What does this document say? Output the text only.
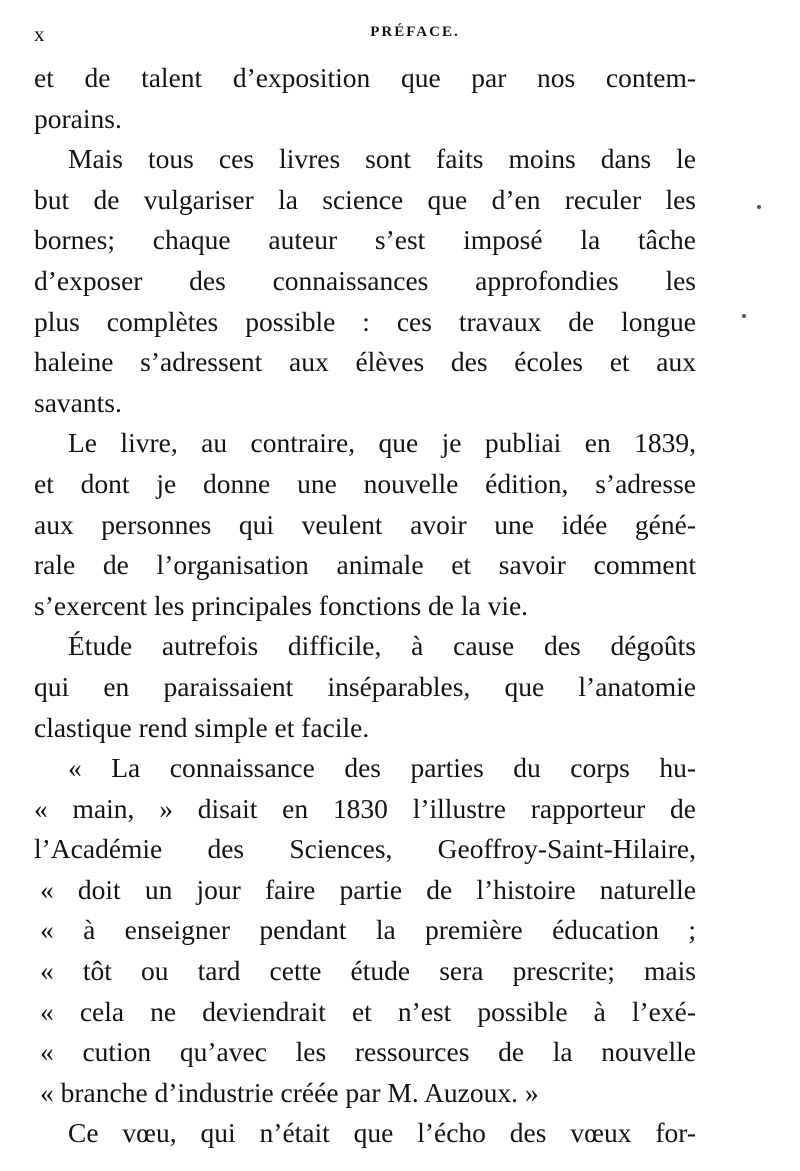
x	PRÉFACE.
et de talent d’exposition que par nos contem-
porains.
Mais tous ces livres sont faits moins dans le
but de vulgariser la science que d’en reculer les
bornes; chaque auteur s’est imposé la tâche
d’exposer des connaissances approfondies les
plus complètes possible : ces travaux de longue
haleine s’adressent aux élèves des écoles et aux
savants.
Le livre, au contraire, que je publiai en 1839,
et dont je donne une nouvelle édition, s’adresse
aux personnes qui veulent avoir une idée géné-
rale de l’organisation animale et savoir comment
s’exercent les principales fonctions de la vie.
Étude autrefois difficile, à cause des dégoûts
qui en paraissaient inséparables, que l’anatomie
clastique rend simple et facile.
« La connaissance des parties du corps hu-
« main, » disait en 1830 l’illustre rapporteur de
l’Académie des Sciences, Geoffroy-Saint-Hilaire,
« doit un jour faire partie de l’histoire naturelle
« à enseigner pendant la première éducation ;
« tôt ou tard cette étude sera prescrite; mais
« cela ne deviendrait et n’est possible à l’exé-
« cution qu’avec les ressources de la nouvelle
« branche d’industrie créée par M. Auzoux. »
Ce vœu, qui n’était que l’écho des vœux for-
